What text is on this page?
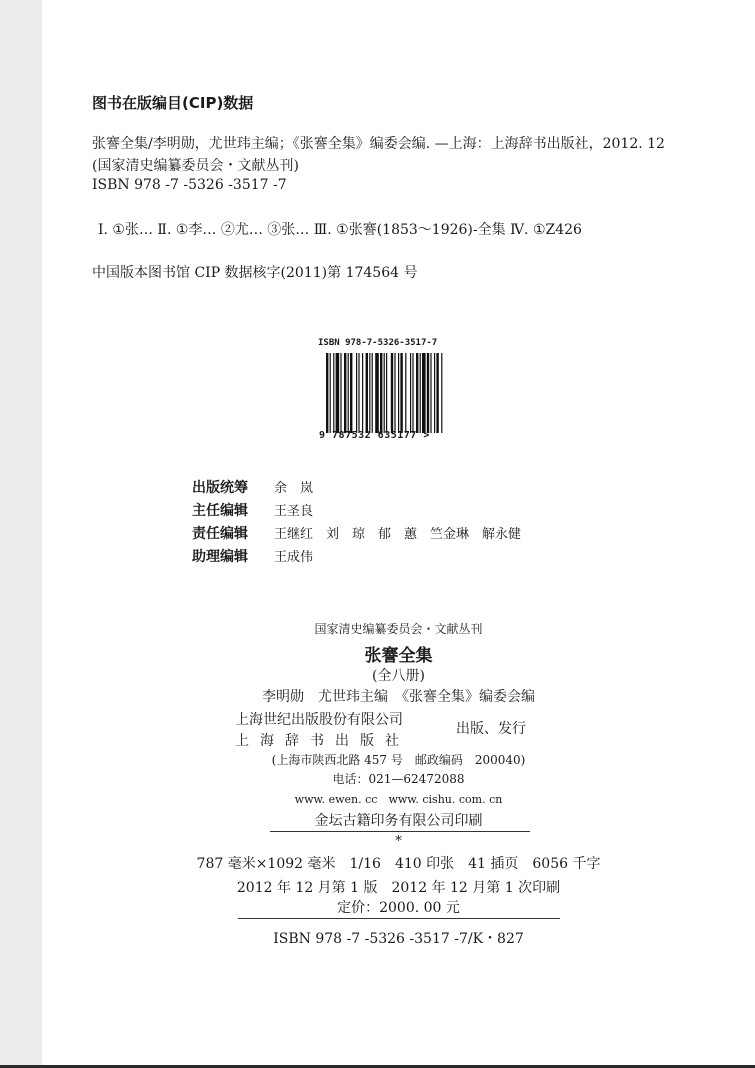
图书在版编目(CIP)数据
张謇全集/李明勋，尤世玮主编；《张謇全集》编委会编. —上海：上海辞书出版社，2012. 12
(国家清史编纂委员会・文献丛刊)
ISBN 978 -7 -5326 -3517 -7
Ⅰ. ①张… Ⅱ. ①李… ②尤… ③张… Ⅲ. ①张謇(1853～1926)-全集 Ⅳ. ①Z426
中国版本图书馆 CIP 数据核字(2011)第 174564 号
ISBN 978-7-5326-3517-7
9 787532 635177 >
出版统筹 余　岚
主任编辑 王圣良
责任编辑 王继红　刘　琼　郁　蕙　竺金琳　解永健
助理编辑 王成伟
国家清史编纂委员会・文献丛刊
张謇全集
(全八册)
李明勋　尤世玮主编　《张謇全集》编委会编
上海世纪出版股份有限公司
上海辞书出版社
出版、发行
(上海市陕西北路 457 号　邮政编码　200040)
电话：021—62472088
www. ewen. cc　www. cishu. com. cn
金坛古籍印务有限公司印刷
*
787 毫米×1092 毫米　1/16　410 印张　41 插页　6056 千字
2012 年 12 月第 1 版　2012 年 12 月第 1 次印刷
定价：2000. 00 元
ISBN 978 -7 -5326 -3517 -7/K・827
